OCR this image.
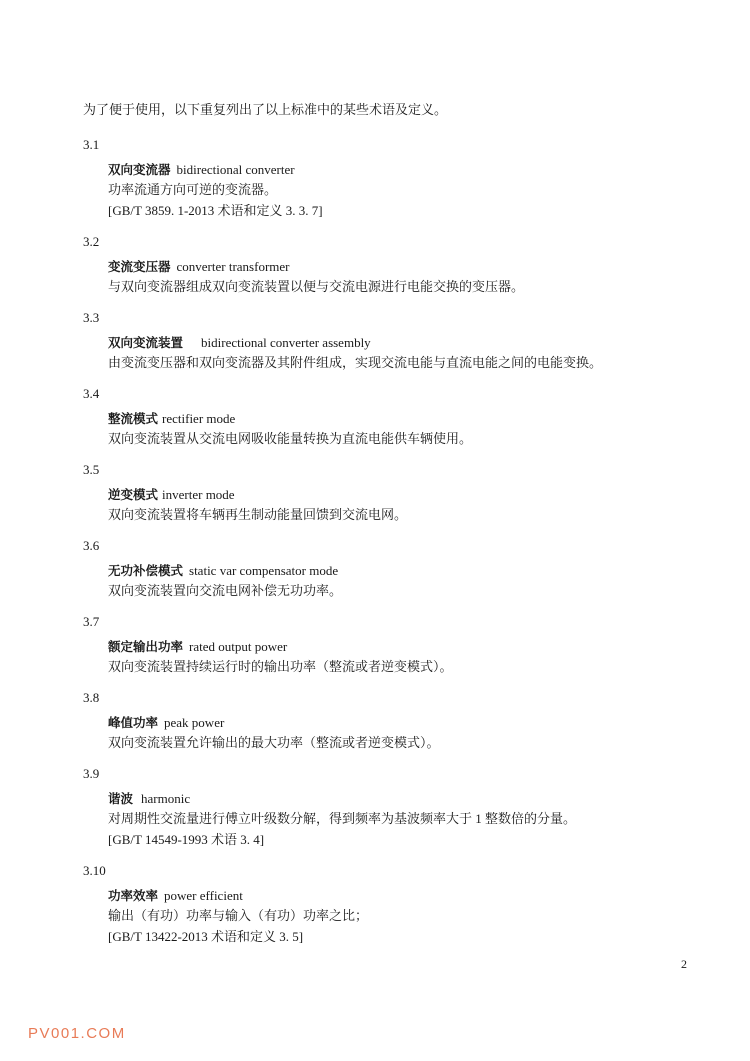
为了便于使用，以下重复列出了以上标准中的某些术语及定义。
3.1
双向变流器 bidirectional converter
功率流通方向可逆的变流器。
[GB/T 3859. 1-2013 术语和定义 3. 3. 7]
3.2
变流变压器 converter transformer
与双向变流器组成双向变流装置以便与交流电源进行电能交换的变压器。
3.3
双向变流装置 bidirectional converter assembly
由变流变压器和双向变流器及其附件组成，实现交流电能与直流电能之间的电能变换。
3.4
整流模式 rectifier mode
双向变流装置从交流电网吸收能量转换为直流电能供车辆使用。
3.5
逆变模式 inverter mode
双向变流装置将车辆再生制动能量回馈到交流电网。
3.6
无功补偿模式 static var compensator mode
双向变流装置向交流电网补偿无功功率。
3.7
额定输出功率 rated output power
双向变流装置持续运行时的输出功率（整流或者逆变模式）。
3.8
峰值功率 peak power
双向变流装置允许输出的最大功率（整流或者逆变模式）。
3.9
谐波 harmonic
对周期性交流量进行傅立叶级数分解，得到频率为基波频率大于 1 整数倍的分量。
[GB/T 14549-1993 术语 3. 4]
3.10
功率效率 power efficient
输出（有功）功率与输入（有功）功率之比；
[GB/T 13422-2013 术语和定义 3. 5]
2
PV001.COM
